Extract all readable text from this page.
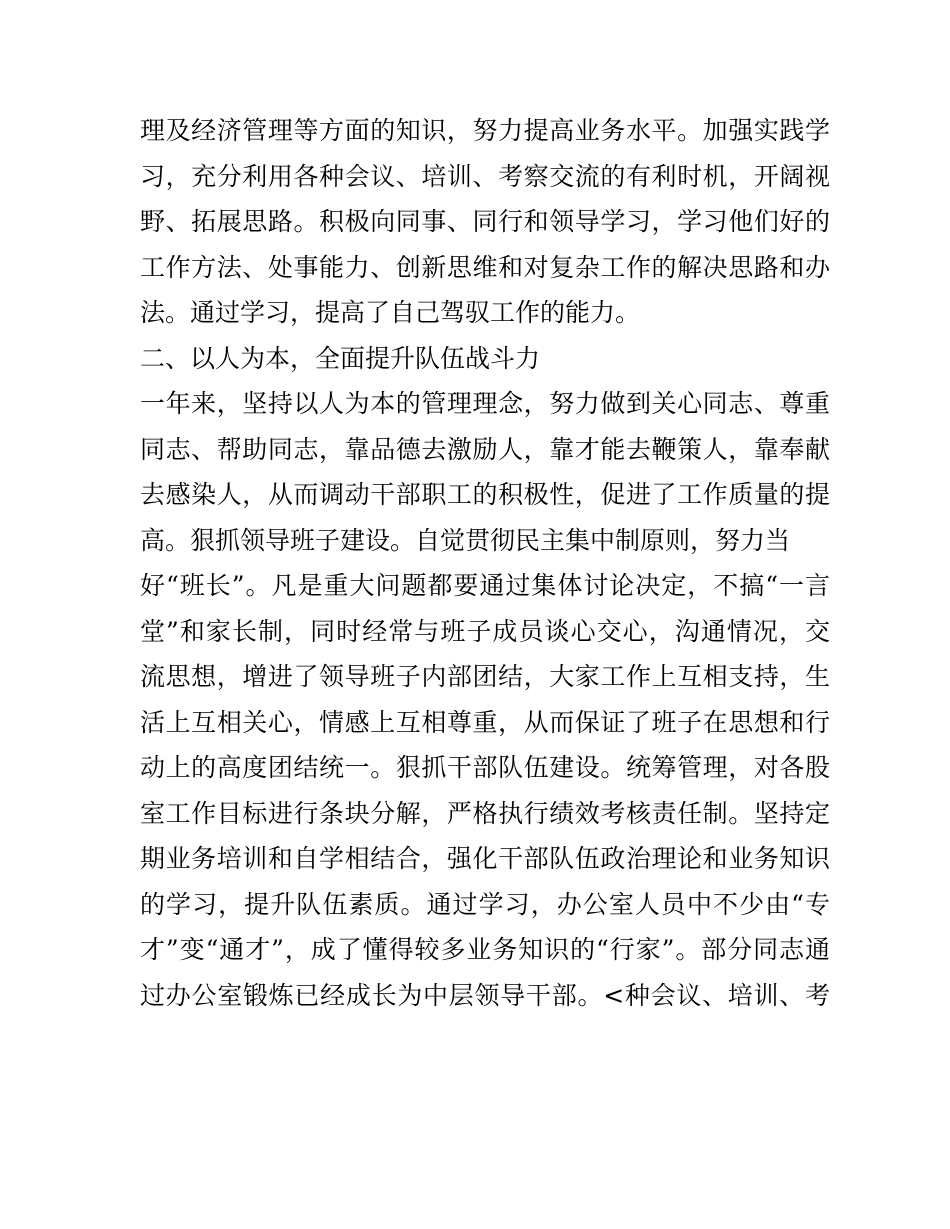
理及经济管理等方面的知识，努力提高业务水平。加强实践学
习，充分利用各种会议、培训、考察交流的有利时机，开阔视
野、拓展思路。积极向同事、同行和领导学习，学习他们好的
工作方法、处事能力、创新思维和对复杂工作的解决思路和办
法。通过学习，提高了自己驾驭工作的能力。
二、以人为本，全面提升队伍战斗力
一年来，坚持以人为本的管理理念，努力做到关心同志、尊重
同志、帮助同志，靠品德去激励人，靠才能去鞭策人，靠奉献
去感染人，从而调动干部职工的积极性，促进了工作质量的提
高。狠抓领导班子建设。自觉贯彻民主集中制原则，努力当
好“班长”。凡是重大问题都要通过集体讨论决定，不搞“一言
堂”和家长制，同时经常与班子成员谈心交心，沟通情况，交
流思想，增进了领导班子内部团结，大家工作上互相支持，生
活上互相关心，情感上互相尊重，从而保证了班子在思想和行
动上的高度团结统一。狠抓干部队伍建设。统筹管理，对各股
室工作目标进行条块分解，严格执行绩效考核责任制。坚持定
期业务培训和自学相结合，强化干部队伍政治理论和业务知识
的学习，提升队伍素质。通过学习，办公室人员中不少由“专
才”变“通才”，成了懂得较多业务知识的“行家”。部分同志通
过办公室锻炼已经成长为中层领导干部。<种会议、培训、考
